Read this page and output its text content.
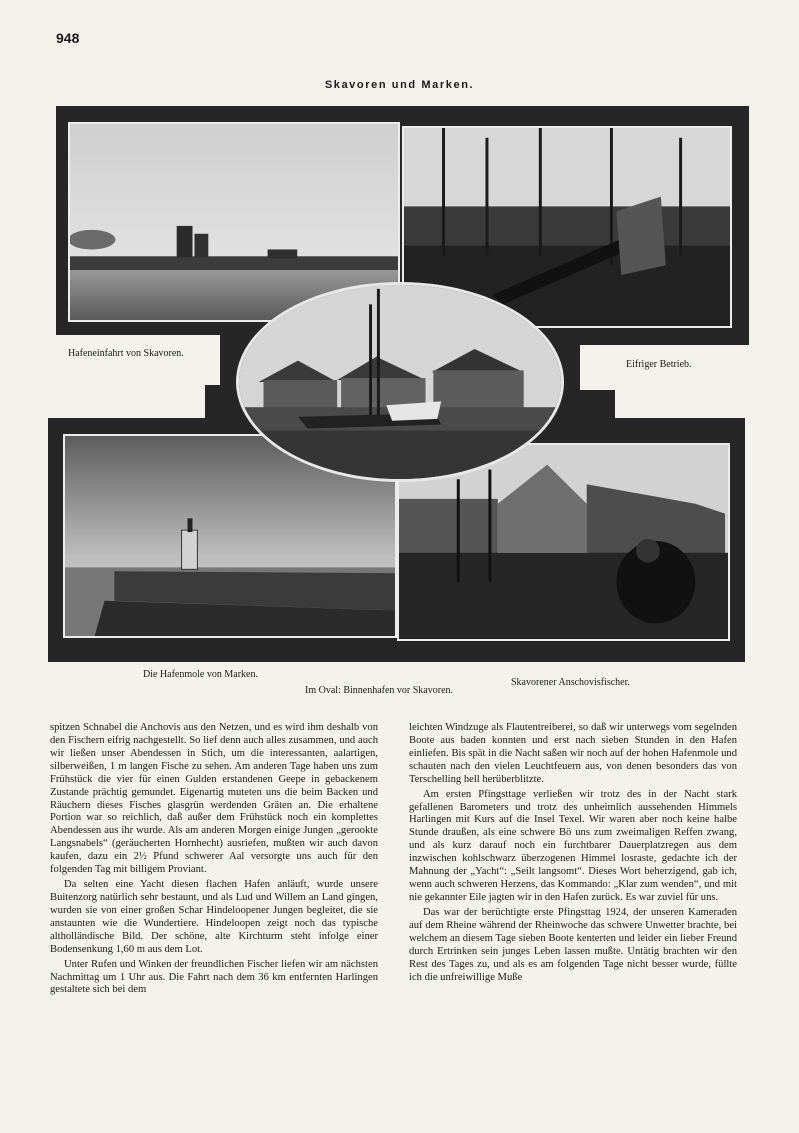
948
Skavoren und Marken.
Hafeneinfahrt von Skavoren.
Eifriger Betrieb.
Die Hafenmole von Marken.
Im Oval: Binnenhafen vor Skavoren.
Skavorener Anschovisfischer.

spitzen Schnabel die Anchovis aus den Netzen, und es wird ihm deshalb von den Fischern eifrig nachgestellt. So lief denn auch alles zusammen, und auch wir ließen unser Abendessen in Stich, um die interessanten, aalartigen, silberweißen, 1 m langen Fische zu sehen. Am anderen Tage haben uns zum Frühstück die vier für einen Gulden erstandenen Geepe in gebackenem Zustande prächtig gemundet. Eigenartig muteten uns die beim Backen und Räuchern dieses Fisches glasgrün werdenden Gräten an. Die erhaltene Portion war so reichlich, daß außer dem Frühstück noch ein komplettes Abendessen aus ihr wurde. Als am anderen Morgen einige Jungen „gerookte Langsnabels“ (geräucherten Hornhecht) ausriefen, mußten wir auch davon kaufen, dazu ein 2½ Pfund schwerer Aal versorgte uns auch für den folgenden Tag mit billigem Proviant.

Da selten eine Yacht diesen flachen Hafen anläuft, wurde unsere Buitenzorg natürlich sehr bestaunt, und als Lud und Willem an Land gingen, wurden sie von einer großen Schar Hindeloopener Jungen begleitet, die sie anstaunten wie die Wundertiere. Hindeloopen zeigt noch das typische altholländische Bild. Der schöne, alte Kirchturm steht infolge einer Bodensenkung 1,60 m aus dem Lot.

Unter Rufen und Winken der freundlichen Fischer liefen wir am nächsten Nachmittag um 1 Uhr aus. Die Fahrt nach dem 36 km entfernten Harlingen gestaltete sich bei dem

leichten Windzuge als Flautentreiberei, so daß wir unterwegs vom segelnden Boote aus baden konnten und erst nach sieben Stunden in den Hafen einliefen. Bis spät in die Nacht saßen wir noch auf der hohen Hafenmole und schauten nach den vielen Leuchtfeuern aus, von denen besonders das von Terschelling hell herüberblitzte.

Am ersten Pfingsttage verließen wir trotz des in der Nacht stark gefallenen Barometers und trotz des unheimlich aussehenden Himmels Harlingen mit Kurs auf die Insel Texel. Wir waren aber noch keine halbe Stunde draußen, als eine schwere Bö uns zum zweimaligen Reffen zwang, und als kurz darauf noch ein furchtbarer Dauerplatzregen aus dem inzwischen kohlschwarz überzogenen Himmel losraste, gedachte ich der Mahnung der „Yacht“: „Seilt langsomt“. Dieses Wort beherzigend, gab ich, wenn auch schweren Herzens, das Kommando: „Klar zum wenden“, und mit nie gekannter Eile jagten wir in den Hafen zurück. Es war zuviel für uns.

Das war der berüchtigte erste Pfingsttag 1924, der unseren Kameraden auf dem Rheine während der Rheinwoche das schwere Unwetter brachte, bei welchem an diesem Tage sieben Boote kenterten und leider ein lieber Freund durch Ertrinken sein junges Leben lassen mußte. Untätig brachten wir den Rest des Tages zu, und als es am folgenden Tage nicht besser wurde, füllte ich die unfreiwillige Muße
